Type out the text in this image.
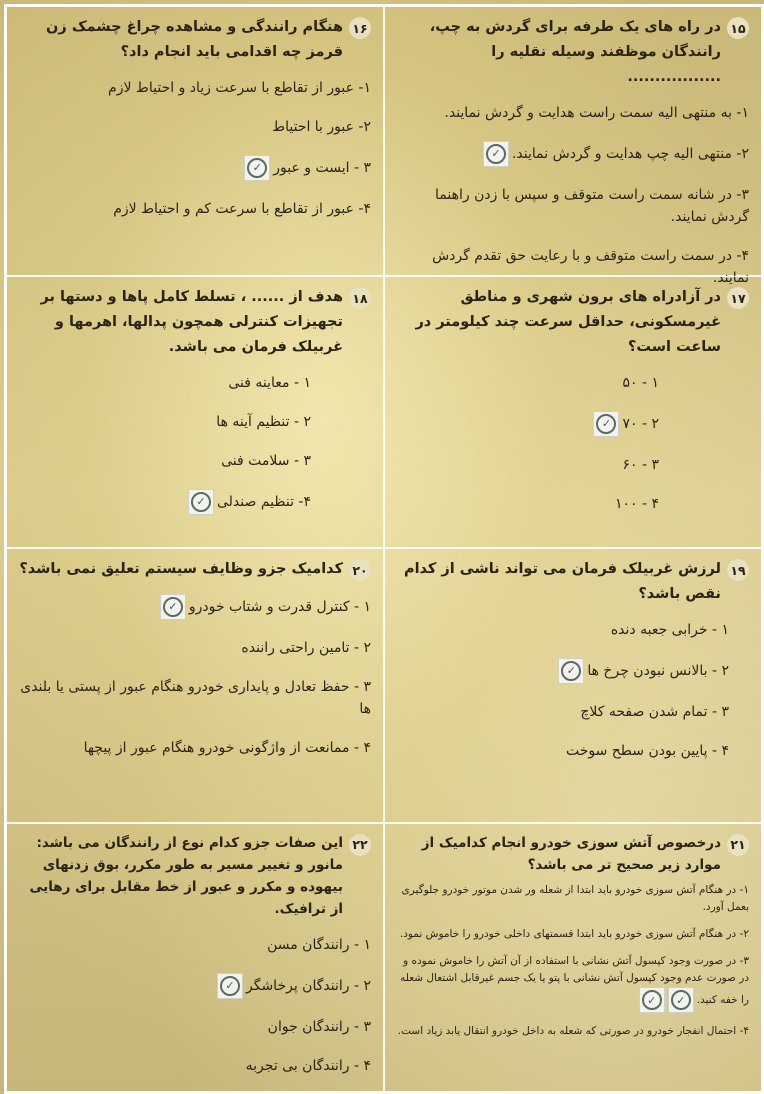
۱۵
در راه های یک طرفه برای گردش به چپ، رانندگان موظفند وسیله نقلیه را .................
۱- به منتهی الیه سمت راست هدایت و گردش نمایند.
۲- منتهی الیه چپ هدایت و گردش نمایند.
✓
۳- در شانه سمت راست متوقف و سپس با زدن راهنما گردش نمایند.
۴- در سمت راست متوقف و با رعایت حق تقدم گردش نمایند.
۱۶
هنگام رانندگی و مشاهده چراغ چشمک زن قرمز چه اقدامی باید انجام داد؟
۱- عبور از تقاطع با سرعت زیاد و احتیاط لازم
۲- عبور با احتیاط
۳ - ایست و عبور
✓
۴- عبور از تقاطع با سرعت کم و احتیاط لازم
۱۷
در آزادراه های برون شهری و مناطق غیرمسکونی، حداقل سرعت چند کیلومتر در ساعت است؟
۱ - ۵۰
۲ - ۷۰
✓
۳ - ۶۰
۴ - ۱۰۰
۱۸
هدف از ...... ، تسلط کامل پاها و دستها بر تجهیزات کنترلی همچون پدالها، اهرمها و غربیلک فرمان می باشد.
۱ - معاینه فنی
۲ - تنظیم آینه ها
۳ - سلامت فنی
۴- تنظیم صندلی
✓
۱۹
لرزش غربیلک فرمان می تواند ناشی از کدام نقص باشد؟
۱ - خرابی جعبه دنده
۲ - بالانس نبودن چرخ ها
✓
۳ - تمام شدن صفحه کلاچ
۴ - پایین بودن سطح سوخت
۲۰
کدامیک جزو وظایف سیستم تعلیق نمی باشد؟
۱ - کنترل قدرت و شتاب خودرو
✓
۲ - تامین راحتی راننده
۳ - حفظ تعادل و پایداری خودرو هنگام عبور از پستی یا بلندی ها
۴ - ممانعت از واژگونی خودرو هنگام عبور از پیچها
۲۱
درخصوص آتش سوزی خودرو انجام کدامیک از موارد زیر صحیح تر می باشد؟
۱- در هنگام آتش سوزی خودرو باید ابتدا از شعله ور شدن موتور خودرو جلوگیری بعمل آورد.
۲- در هنگام آتش سوزی خودرو باید ابتدا قسمتهای داخلی خودرو را خاموش نمود.
۳- در صورت وجود کپسول آتش نشانی با استفاده از آن آتش را خاموش نموده و در صورت عدم وجود کپسول آتش نشانی با پتو یا یک جسم غیرقابل اشتعال شعله را خفه کنید.
✓
✓
۴- احتمال انفجار خودرو در صورتی که شعله به داخل خودرو انتقال یابد زیاد است.
۲۲
این صفات جزو کدام نوع از رانندگان می باشد: مانور و تغییر مسیر به طور مکرر، بوق زدنهای بیهوده و مکرر و عبور از خط مقابل برای رهایی از ترافیک.
۱ - رانندگان مسن
۲ - رانندگان پرخاشگر
✓
۳ - رانندگان جوان
۴ - رانندگان بی تجربه
